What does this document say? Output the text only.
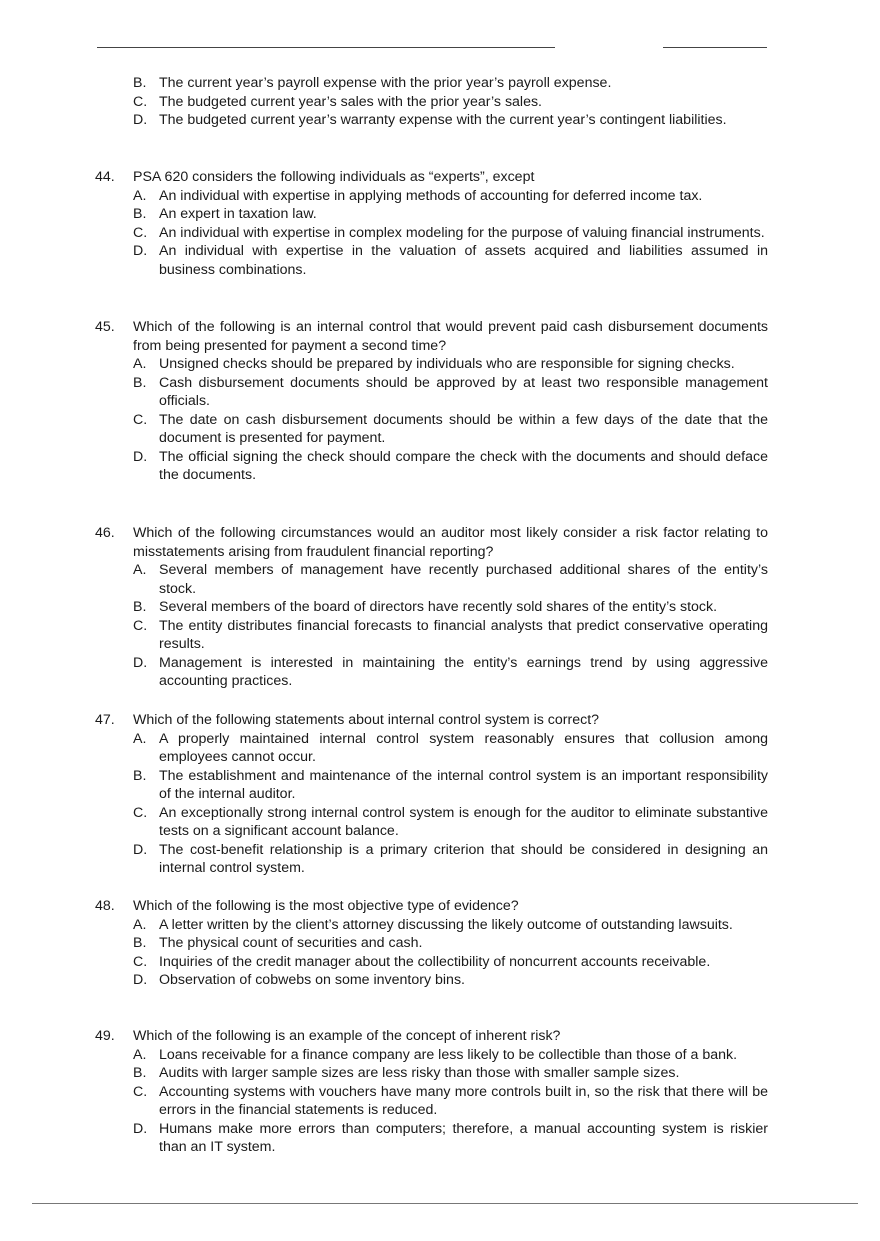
B. The current year’s payroll expense with the prior year’s payroll expense.
C. The budgeted current year’s sales with the prior year’s sales.
D. The budgeted current year’s warranty expense with the current year’s contingent liabilities.
44.	PSA 620 considers the following individuals as “experts”, except
A. An individual with expertise in applying methods of accounting for deferred income tax.
B. An expert in taxation law.
C. An individual with expertise in complex modeling for the purpose of valuing financial instruments.
D. An individual with expertise in the valuation of assets acquired and liabilities assumed in business combinations.
45.	Which of the following is an internal control that would prevent paid cash disbursement documents from being presented for payment a second time?
A. Unsigned checks should be prepared by individuals who are responsible for signing checks.
B. Cash disbursement documents should be approved by at least two responsible management officials.
C. The date on cash disbursement documents should be within a few days of the date that the document is presented for payment.
D. The official signing the check should compare the check with the documents and should deface the documents.
46.	Which of the following circumstances would an auditor most likely consider a risk factor relating to misstatements arising from fraudulent financial reporting?
A. Several members of management have recently purchased additional shares of the entity’s stock.
B. Several members of the board of directors have recently sold shares of the entity’s stock.
C. The entity distributes financial forecasts to financial analysts that predict conservative operating results.
D. Management is interested in maintaining the entity’s earnings trend by using aggressive accounting practices.
47.	Which of the following statements about internal control system is correct?
A. A properly maintained internal control system reasonably ensures that collusion among employees cannot occur.
B. The establishment and maintenance of the internal control system is an important responsibility of the internal auditor.
C. An exceptionally strong internal control system is enough for the auditor to eliminate substantive tests on a significant account balance.
D. The cost-benefit relationship is a primary criterion that should be considered in designing an internal control system.
48.	Which of the following is the most objective type of evidence?
A. A letter written by the client’s attorney discussing the likely outcome of outstanding lawsuits.
B. The physical count of securities and cash.
C. Inquiries of the credit manager about the collectibility of noncurrent accounts receivable.
D. Observation of cobwebs on some inventory bins.
49.	Which of the following is an example of the concept of inherent risk?
A. Loans receivable for a finance company are less likely to be collectible than those of a bank.
B. Audits with larger sample sizes are less risky than those with smaller sample sizes.
C. Accounting systems with vouchers have many more controls built in, so the risk that there will be errors in the financial statements is reduced.
D. Humans make more errors than computers; therefore, a manual accounting system is riskier than an IT system.
